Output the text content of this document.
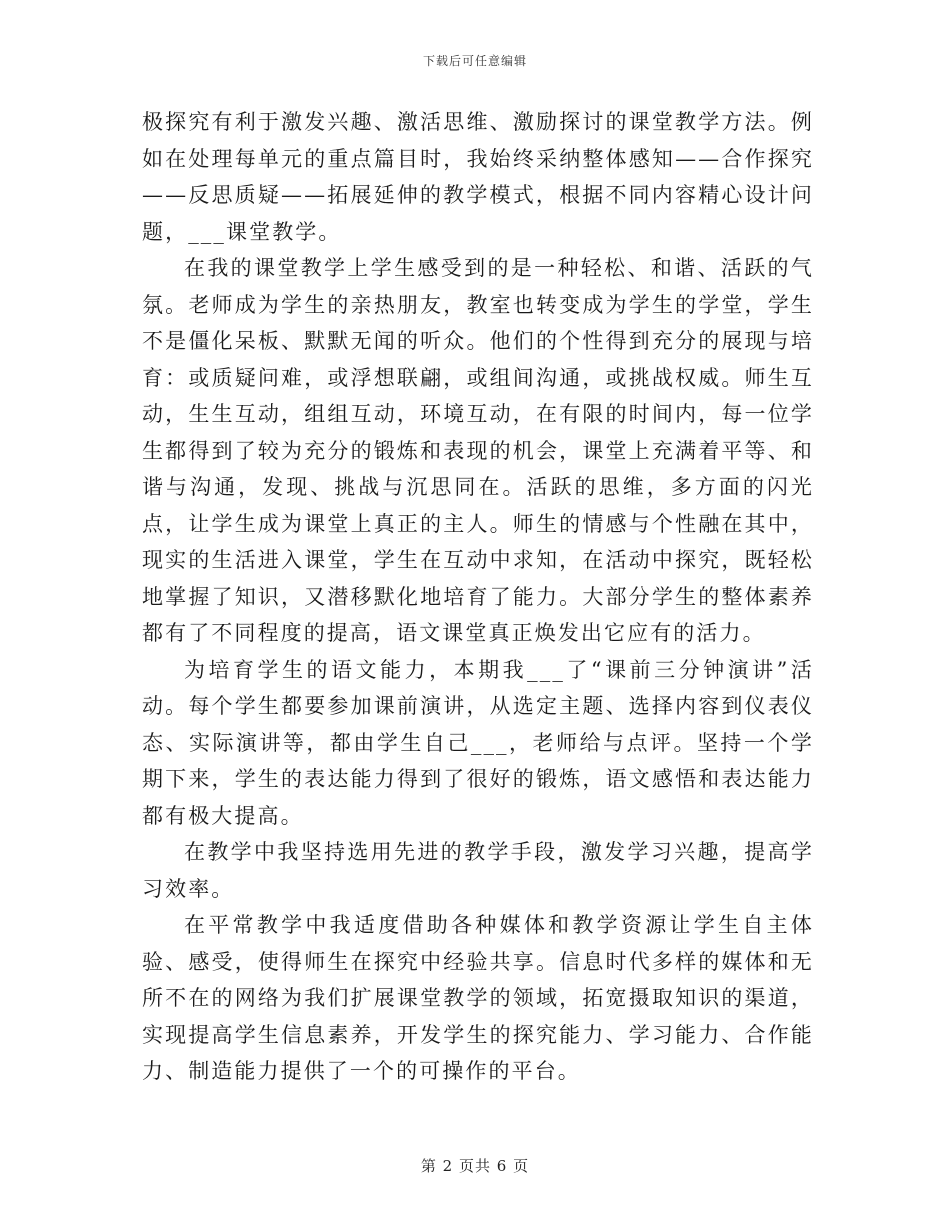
下载后可任意编辑

极探究有利于激发兴趣、激活思维、激励探讨的课堂教学方法。例如在处理每单元的重点篇目时，我始终采纳整体感知——合作探究——反思质疑——拓展延伸的教学模式，根据不同内容精心设计问题，___课堂教学。

在我的课堂教学上学生感受到的是一种轻松、和谐、活跃的气氛。老师成为学生的亲热朋友，教室也转变成为学生的学堂，学生不是僵化呆板、默默无闻的听众。他们的个性得到充分的展现与培育：或质疑问难，或浮想联翩，或组间沟通，或挑战权威。师生互动，生生互动，组组互动，环境互动，在有限的时间内，每一位学生都得到了较为充分的锻炼和表现的机会，课堂上充满着平等、和谐与沟通，发现、挑战与沉思同在。活跃的思维，多方面的闪光点，让学生成为课堂上真正的主人。师生的情感与个性融在其中，现实的生活进入课堂，学生在互动中求知，在活动中探究，既轻松地掌握了知识，又潜移默化地培育了能力。大部分学生的整体素养都有了不同程度的提高，语文课堂真正焕发出它应有的活力。

为培育学生的语文能力，本期我___了“课前三分钟演讲”活动。每个学生都要参加课前演讲，从选定主题、选择内容到仪表仪态、实际演讲等，都由学生自己___，老师给与点评。坚持一个学期下来，学生的表达能力得到了很好的锻炼，语文感悟和表达能力都有极大提高。

在教学中我坚持选用先进的教学手段，激发学习兴趣，提高学习效率。

在平常教学中我适度借助各种媒体和教学资源让学生自主体验、感受，使得师生在探究中经验共享。信息时代多样的媒体和无所不在的网络为我们扩展课堂教学的领域，拓宽摄取知识的渠道，实现提高学生信息素养，开发学生的探究能力、学习能力、合作能力、制造能力提供了一个的可操作的平台。

第 2 页共 6 页
